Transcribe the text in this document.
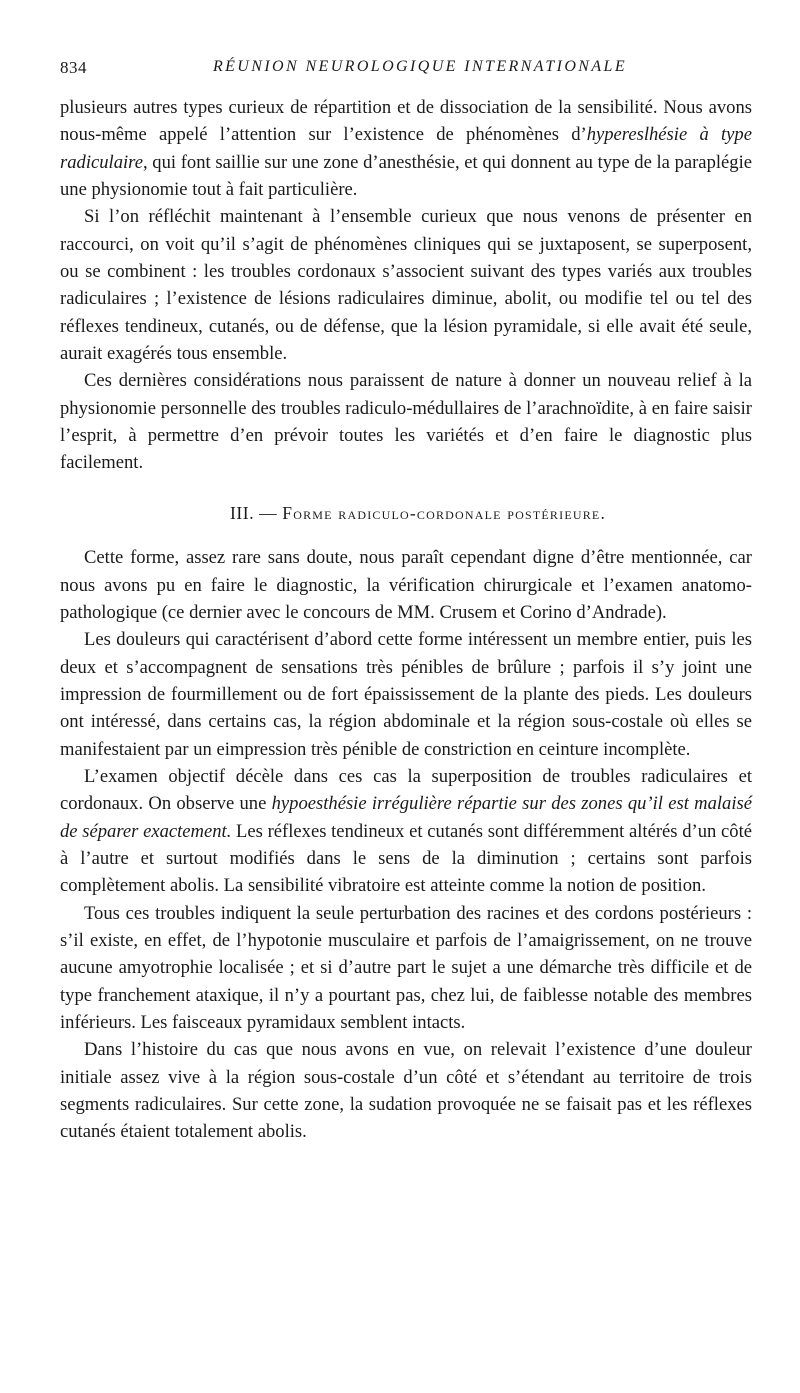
834	RÉUNION NEUROLOGIQUE INTERNATIONALE

plusieurs autres types curieux de répartition et de dissociation de la sensibilité. Nous avons nous-même appelé l’attention sur l’existence de phénomènes d’hypereslhésie à type radiculaire, qui font saillie sur une zone d’anesthésie, et qui donnent au type de la paraplégie une physionomie tout à fait particulière.

Si l’on réfléchit maintenant à l’ensemble curieux que nous venons de présenter en raccourci, on voit qu’il s’agit de phénomènes cliniques qui se juxtaposent, se superposent, ou se combinent : les troubles cordonaux s’associent suivant des types variés aux troubles radiculaires ; l’existence de lésions radiculaires diminue, abolit, ou modifie tel ou tel des réflexes tendineux, cutanés, ou de défense, que la lésion pyramidale, si elle avait été seule, aurait exagérés tous ensemble.

Ces dernières considérations nous paraissent de nature à donner un nouveau relief à la physionomie personnelle des troubles radiculo-médullaires de l’arachnoïdite, à en faire saisir l’esprit, à permettre d’en prévoir toutes les variétés et d’en faire le diagnostic plus facilement.

III. — Forme radiculo-cordonale postérieure.

Cette forme, assez rare sans doute, nous paraît cependant digne d’être mentionnée, car nous avons pu en faire le diagnostic, la vérification chirurgicale et l’examen anatomo-pathologique (ce dernier avec le concours de MM. Crusem et Corino d’Andrade).

Les douleurs qui caractérisent d’abord cette forme intéressent un membre entier, puis les deux et s’accompagnent de sensations très pénibles de brûlure ; parfois il s’y joint une impression de fourmillement ou de fort épaississement de la plante des pieds. Les douleurs ont intéressé, dans certains cas, la région abdominale et la région sous-costale où elles se manifestaient par un eimpression très pénible de constriction en ceinture incomplète.

L’examen objectif décèle dans ces cas la superposition de troubles radiculaires et cordonaux. On observe une hypoesthésie irrégulière répartie sur des zones qu’il est malaisé de séparer exactement. Les réflexes tendineux et cutanés sont différemment altérés d’un côté à l’autre et surtout modifiés dans le sens de la diminution ; certains sont parfois complètement abolis. La sensibilité vibratoire est atteinte comme la notion de position.

Tous ces troubles indiquent la seule perturbation des racines et des cordons postérieurs : s’il existe, en effet, de l’hypotonie musculaire et parfois de l’amaigrissement, on ne trouve aucune amyotrophie localisée ; et si d’autre part le sujet a une démarche très difficile et de type franchement ataxique, il n’y a pourtant pas, chez lui, de faiblesse notable des membres inférieurs. Les faisceaux pyramidaux semblent intacts.

Dans l’histoire du cas que nous avons en vue, on relevait l’existence d’une douleur initiale assez vive à la région sous-costale d’un côté et s’étendant au territoire de trois segments radiculaires. Sur cette zone, la sudation provoquée ne se faisait pas et les réflexes cutanés étaient totalement abolis.
